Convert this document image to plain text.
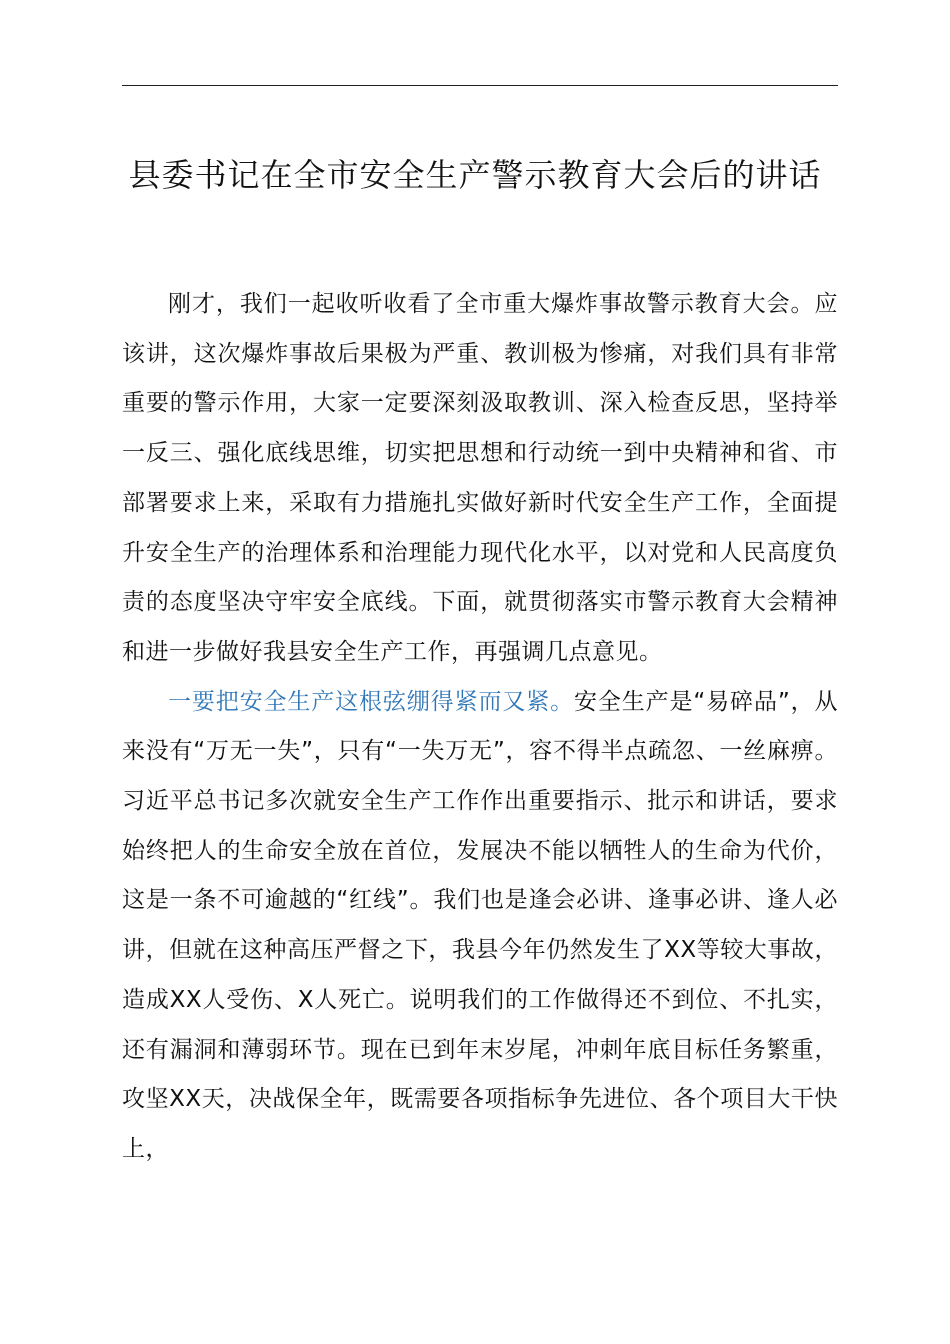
县委书记在全市安全生产警示教育大会后的讲话

刚才，我们一起收听收看了全市重大爆炸事故警示教育大会。应该讲，这次爆炸事故后果极为严重、教训极为惨痛，对我们具有非常重要的警示作用，大家一定要深刻汲取教训、深入检查反思，坚持举一反三、强化底线思维，切实把思想和行动统一到中央精神和省、市部署要求上来，采取有力措施扎实做好新时代安全生产工作，全面提升安全生产的治理体系和治理能力现代化水平，以对党和人民高度负责的态度坚决守牢安全底线。下面，就贯彻落实市警示教育大会精神和进一步做好我县安全生产工作，再强调几点意见。

一要把安全生产这根弦绷得紧而又紧。安全生产是“易碎品”，从来没有“万无一失”，只有“一失万无”，容不得半点疏忽、一丝麻痹。习近平总书记多次就安全生产工作作出重要指示、批示和讲话，要求始终把人的生命安全放在首位，发展决不能以牺牲人的生命为代价，这是一条不可逾越的“红线”。我们也是逢会必讲、逢事必讲、逢人必讲，但就在这种高压严督之下，我县今年仍然发生了XX等较大事故，造成XX人受伤、X人死亡。说明我们的工作做得还不到位、不扎实，还有漏洞和薄弱环节。现在已到年末岁尾，冲刺年底目标任务繁重，攻坚XX天，决战保全年，既需要各项指标争先进位、各个项目大干快上，
